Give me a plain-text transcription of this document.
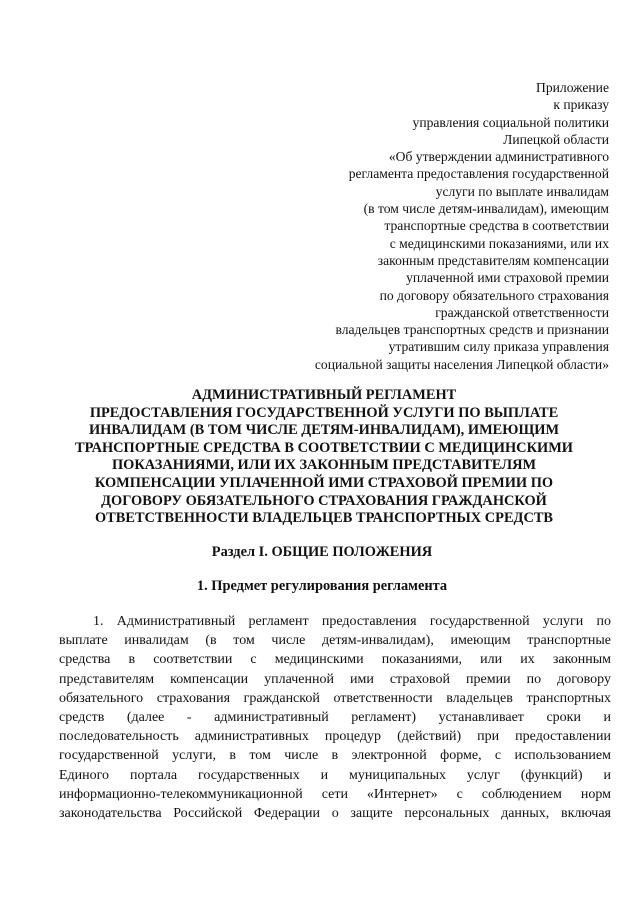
Приложение
к приказу
управления социальной политики
Липецкой области
«Об утверждении административного
регламента предоставления государственной
услуги по выплате инвалидам
(в том числе детям-инвалидам), имеющим
транспортные средства в соответствии
с медицинскими показаниями, или их
законным представителям компенсации
уплаченной ими страховой премии
по договору обязательного страхования
гражданской ответственности
владельцев транспортных средств и признании
утратившим силу приказа управления
социальной защиты населения Липецкой области»
АДМИНИСТРАТИВНЫЙ РЕГЛАМЕНТ
ПРЕДОСТАВЛЕНИЯ ГОСУДАРСТВЕННОЙ УСЛУГИ ПО ВЫПЛАТЕ
ИНВАЛИДАМ (В ТОМ ЧИСЛЕ ДЕТЯМ-ИНВАЛИДАМ), ИМЕЮЩИМ
ТРАНСПОРТНЫЕ СРЕДСТВА В СООТВЕТСТВИИ С МЕДИЦИНСКИМИ
ПОКАЗАНИЯМИ, ИЛИ ИХ ЗАКОННЫМ ПРЕДСТАВИТЕЛЯМ
КОМПЕНСАЦИИ УПЛАЧЕННОЙ ИМИ СТРАХОВОЙ ПРЕМИИ ПО
ДОГОВОРУ ОБЯЗАТЕЛЬНОГО СТРАХОВАНИЯ ГРАЖДАНСКОЙ
ОТВЕТСТВЕННОСТИ ВЛАДЕЛЬЦЕВ ТРАНСПОРТНЫХ СРЕДСТВ
Раздел I. ОБЩИЕ ПОЛОЖЕНИЯ
1. Предмет регулирования регламента
1. Административный регламент предоставления государственной услуги по
выплате инвалидам (в том числе детям-инвалидам), имеющим транспортные
средства в соответствии с медицинскими показаниями, или их законным
представителям компенсации уплаченной ими страховой премии по договору
обязательного страхования гражданской ответственности владельцев транспортных
средств (далее - административный регламент) устанавливает сроки и
последовательность административных процедур (действий) при предоставлении
государственной услуги, в том числе в электронной форме, с использованием
Единого портала государственных и муниципальных услуг (функций) и
информационно-телекоммуникационной сети «Интернет» с соблюдением норм
законодательства Российской Федерации о защите персональных данных, включая
